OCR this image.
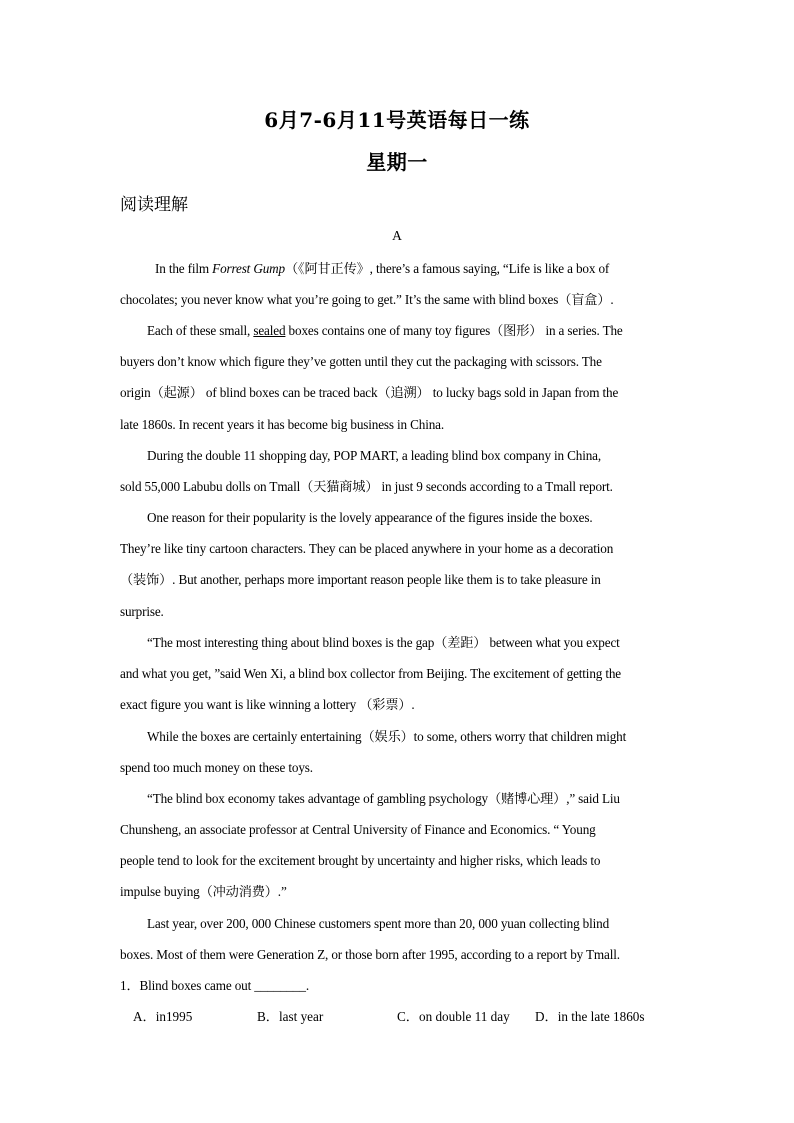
6月7-6月11号英语每日一练
星期一
阅读理解
A
In the film Forrest Gump（《阿甘正传》, there’s a famous saying, “Life is like a box of
chocolates; you never know what you’re going to get.” It’s the same with blind boxes（盲盒）.
Each of these small, sealed boxes contains one of many toy figures（图形） in a series. The
buyers don’t know which figure they’ve gotten until they cut the packaging with scissors. The
origin（起源） of blind boxes can be traced back（追溯） to lucky bags sold in Japan from the
late 1860s. In recent years it has become big business in China.
During the double 11 shopping day, POP MART, a leading blind box company in China,
sold 55,000 Labubu dolls on Tmall（天猫商城） in just 9 seconds according to a Tmall report.
One reason for their popularity is the lovely appearance of the figures inside the boxes.
They’re like tiny cartoon characters. They can be placed anywhere in your home as a decoration
（装饰）. But another, perhaps more important reason people like them is to take pleasure in
surprise.
“The most interesting thing about blind boxes is the gap（差距） between what you expect
and what you get, ”said Wen Xi, a blind box collector from Beijing. The excitement of getting the
exact figure you want is like winning a lottery （彩票）.
While the boxes are certainly entertaining（娱乐）to some, others worry that children might
spend too much money on these toys.
“The blind box economy takes advantage of gambling psychology（赌博心理）,” said Liu
Chunsheng, an associate professor at Central University of Finance and Economics. “ Young
people tend to look for the excitement brought by uncertainty and higher risks, which leads to
impulse buying（冲动消费）.”
Last year, over 200, 000 Chinese customers spent more than 20, 000 yuan collecting blind
boxes. Most of them were Generation Z, or those born after 1995, according to a report by Tmall.
1．Blind boxes came out ________.
A．in1995	B．last year	C．on double 11 day D．in the late 1860s
